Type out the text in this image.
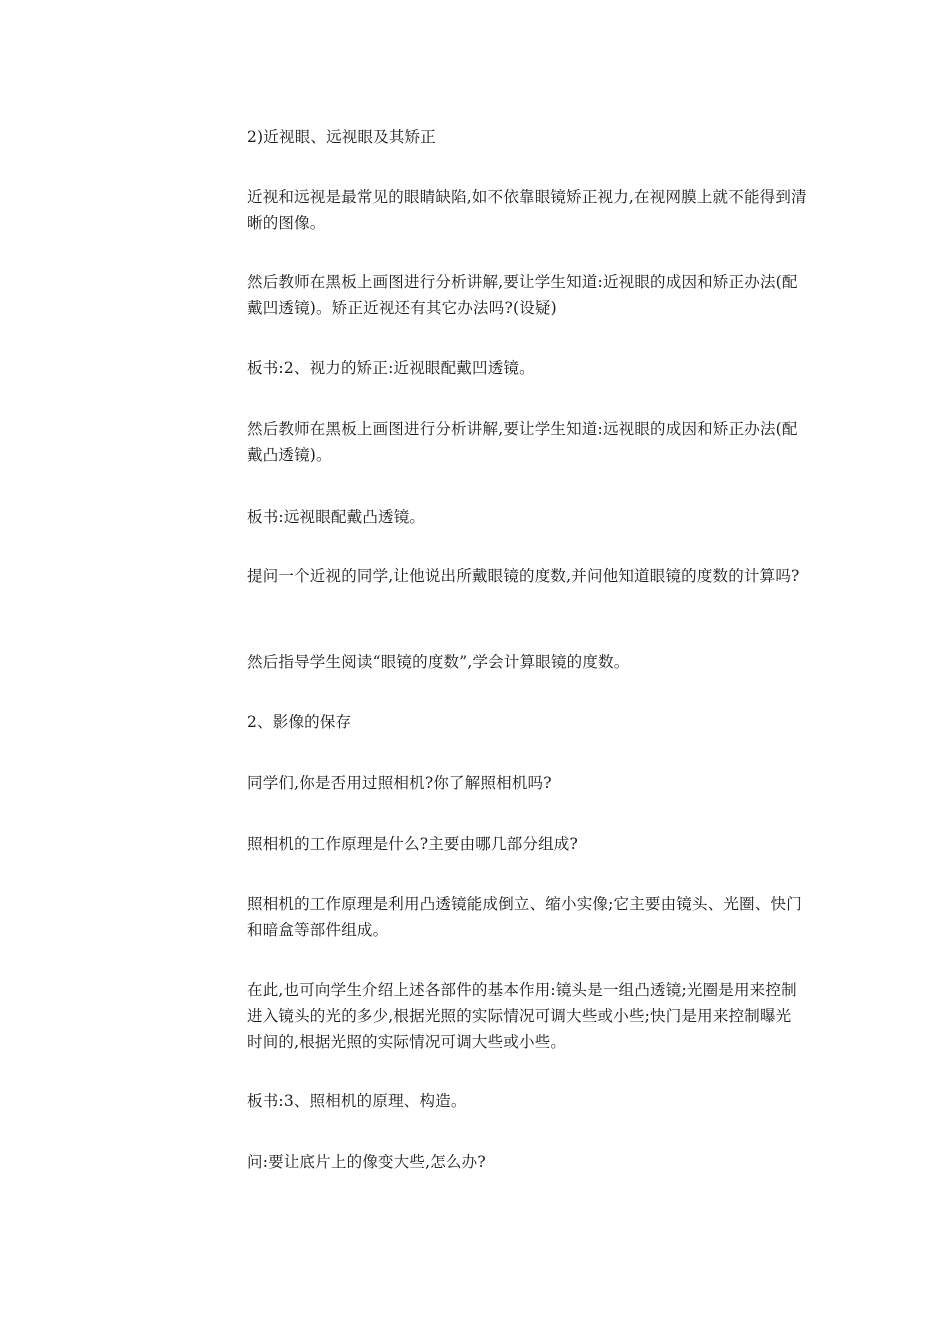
2)近视眼、远视眼及其矫正

近视和远视是最常见的眼睛缺陷,如不依靠眼镜矫正视力,在视网膜上就不能得到清晰的图像。

然后教师在黑板上画图进行分析讲解,要让学生知道:近视眼的成因和矫正办法(配戴凹透镜)。矫正近视还有其它办法吗?(设疑)

板书:2、视力的矫正:近视眼配戴凹透镜。

然后教师在黑板上画图进行分析讲解,要让学生知道:远视眼的成因和矫正办法(配戴凸透镜)。

板书:远视眼配戴凸透镜。

提问一个近视的同学,让他说出所戴眼镜的度数,并问他知道眼镜的度数的计算吗?

然后指导学生阅读“眼镜的度数”,学会计算眼镜的度数。

2、影像的保存

同学们,你是否用过照相机?你了解照相机吗?

照相机的工作原理是什么?主要由哪几部分组成?

照相机的工作原理是利用凸透镜能成倒立、缩小实像;它主要由镜头、光圈、快门和暗盒等部件组成。

在此,也可向学生介绍上述各部件的基本作用:镜头是一组凸透镜;光圈是用来控制进入镜头的光的多少,根据光照的实际情况可调大些或小些;快门是用来控制曝光时间的,根据光照的实际情况可调大些或小些。

板书:3、照相机的原理、构造。

问:要让底片上的像变大些,怎么办?
